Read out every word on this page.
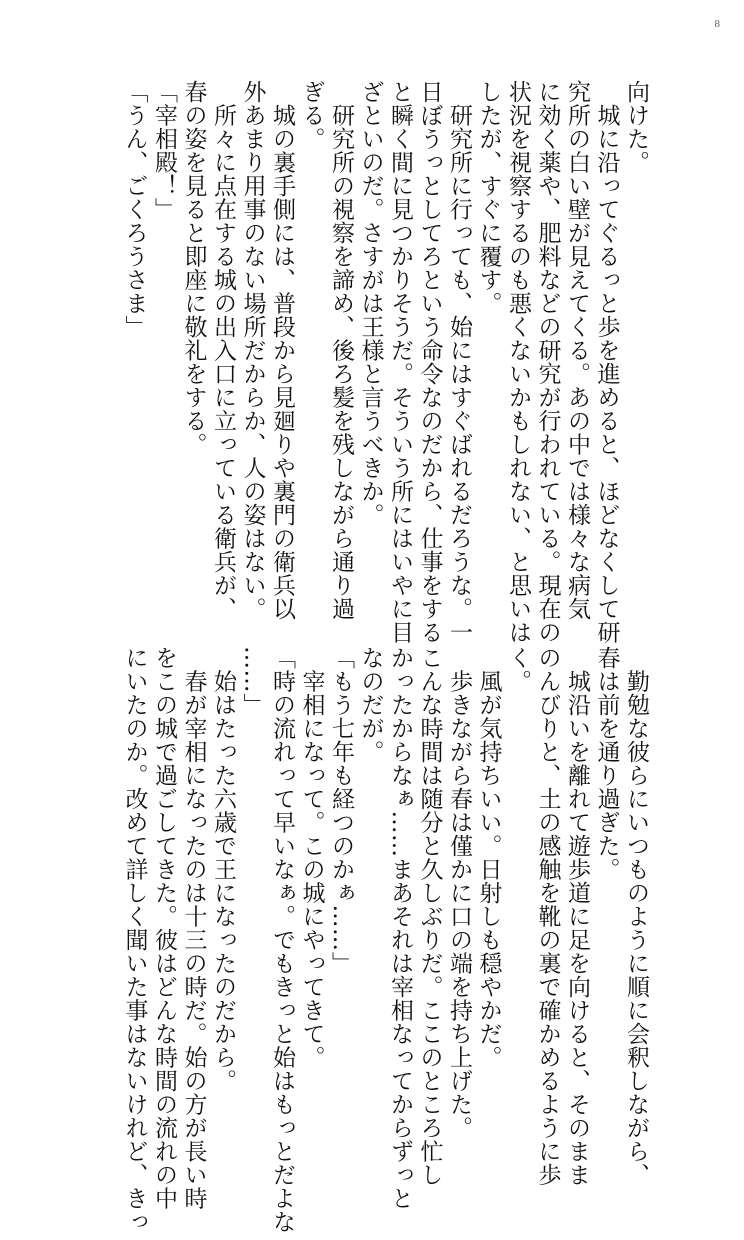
8
向けた。
　城に沿ってぐるっと歩を進めると、ほどなくして研
究所の白い壁が見えてくる。あの中では様々な病気
に効く薬や、肥料などの研究が行われている。現在の
状況を視察するのも悪くないかもしれない、と思いは
したが、すぐに覆す。
　研究所に行っても、始にはすぐばれるだろうな。一
日ぼうっとしてろという命令なのだから、仕事をする
と瞬く間に見つかりそうだ。そういう所にはいやに目
ざといのだ。さすがは王様と言うべきか。
　研究所の視察を諦め、後ろ髪を残しながら通り過
ぎる。
　城の裏手側には、普段から見廻りや裏門の衛兵以
外あまり用事のない場所だからか、人の姿はない。
　所々に点在する城の出入口に立っている衛兵が、
春の姿を見ると即座に敬礼をする。
「宰相殿！」
「うん、ごくろうさま」
　勤勉な彼らにいつものように順に会釈しながら、
春は前を通り過ぎた。
　城沿いを離れて遊歩道に足を向けると、そのまま
のんびりと、土の感触を靴の裏で確かめるように歩
く。
　風が気持ちいい。日射しも穏やかだ。
　歩きながら春は僅かに口の端を持ち上げた。
こんな時間は随分と久しぶりだ。ここのところ忙し
かったからなぁ……まあそれは宰相なってからずっと
なのだが。
「もう七年も経つのかぁ……」
　宰相になって。この城にやってきて。
「時の流れって早いなぁ。でもきっと始はもっとだよな
……」
　始はたった六歳で王になったのだから。
　春が宰相になったのは十三の時だ。始の方が長い時
をこの城で過ごしてきた。彼はどんな時間の流れの中
にいたのか。改めて詳しく聞いた事はないけれど、きっ
